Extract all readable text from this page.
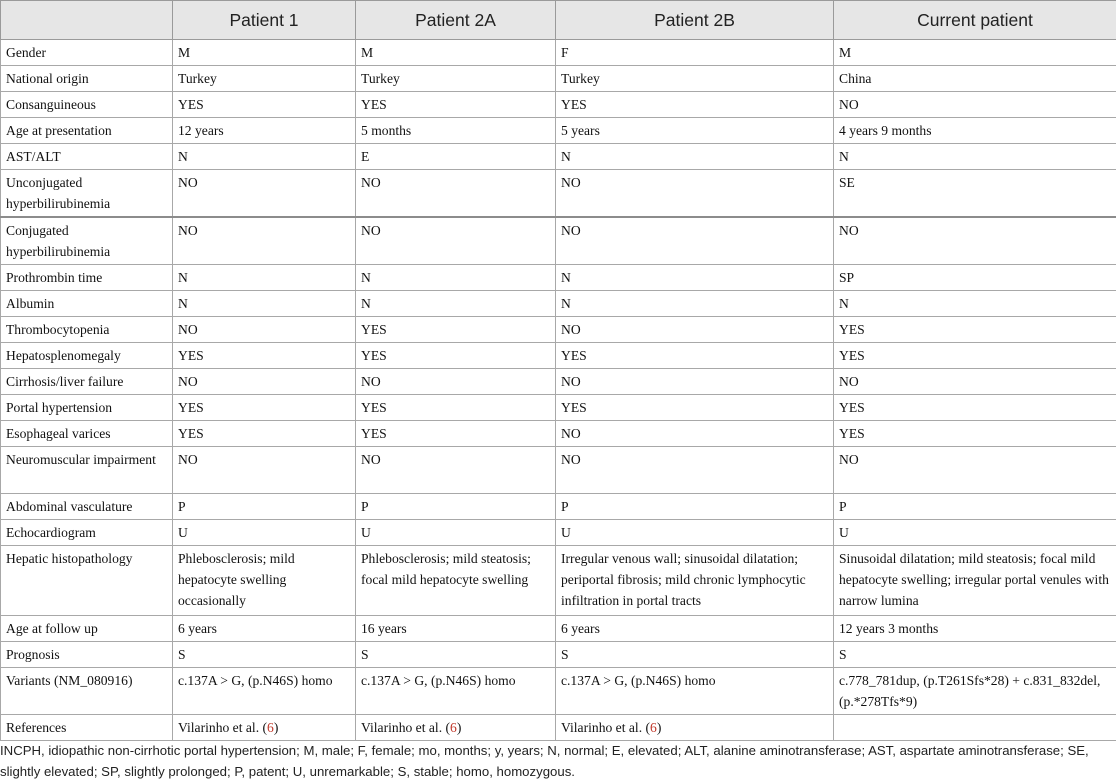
	Patient 1	Patient 2A	Patient 2B	Current patient
Gender	M	M	F	M
National origin	Turkey	Turkey	Turkey	China
Consanguineous	YES	YES	YES	NO
Age at presentation	12 years	5 months	5 years	4 years 9 months
AST/ALT	N	E	N	N
Unconjugated hyperbilirubinemia	NO	NO	NO	SE
Conjugated hyperbilirubinemia	NO	NO	NO	NO
Prothrombin time	N	N	N	SP
Albumin	N	N	N	N
Thrombocytopenia	NO	YES	NO	YES
Hepatosplenomegaly	YES	YES	YES	YES
Cirrhosis/liver failure	NO	NO	NO	NO
Portal hypertension	YES	YES	YES	YES
Esophageal varices	YES	YES	NO	YES
Neuromuscular impairment	NO	NO	NO	NO
Abdominal vasculature	P	P	P	P
Echocardiogram	U	U	U	U
Hepatic histopathology	Phlebosclerosis; mild hepatocyte swelling occasionally	Phlebosclerosis; mild steatosis; focal mild hepatocyte swelling	Irregular venous wall; sinusoidal dilatation; periportal fibrosis; mild chronic lymphocytic infiltration in portal tracts	Sinusoidal dilatation; mild steatosis; focal mild hepatocyte swelling; irregular portal venules with narrow lumina
Age at follow up	6 years	16 years	6 years	12 years 3 months
Prognosis	S	S	S	S
Variants (NM_080916)	c.137A > G, (p.N46S) homo	c.137A > G, (p.N46S) homo	c.137A > G, (p.N46S) homo	c.778_781dup, (p.T261Sfs*28) + c.831_832del, (p.*278Tfs*9)
References	Vilarinho et al. (6)	Vilarinho et al. (6)	Vilarinho et al. (6)	
INCPH, idiopathic non-cirrhotic portal hypertension; M, male; F, female; mo, months; y, years; N, normal; E, elevated; ALT, alanine aminotransferase; AST, aspartate aminotransferase; SE, slightly elevated; SP, slightly prolonged; P, patent; U, unremarkable; S, stable; homo, homozygous.
